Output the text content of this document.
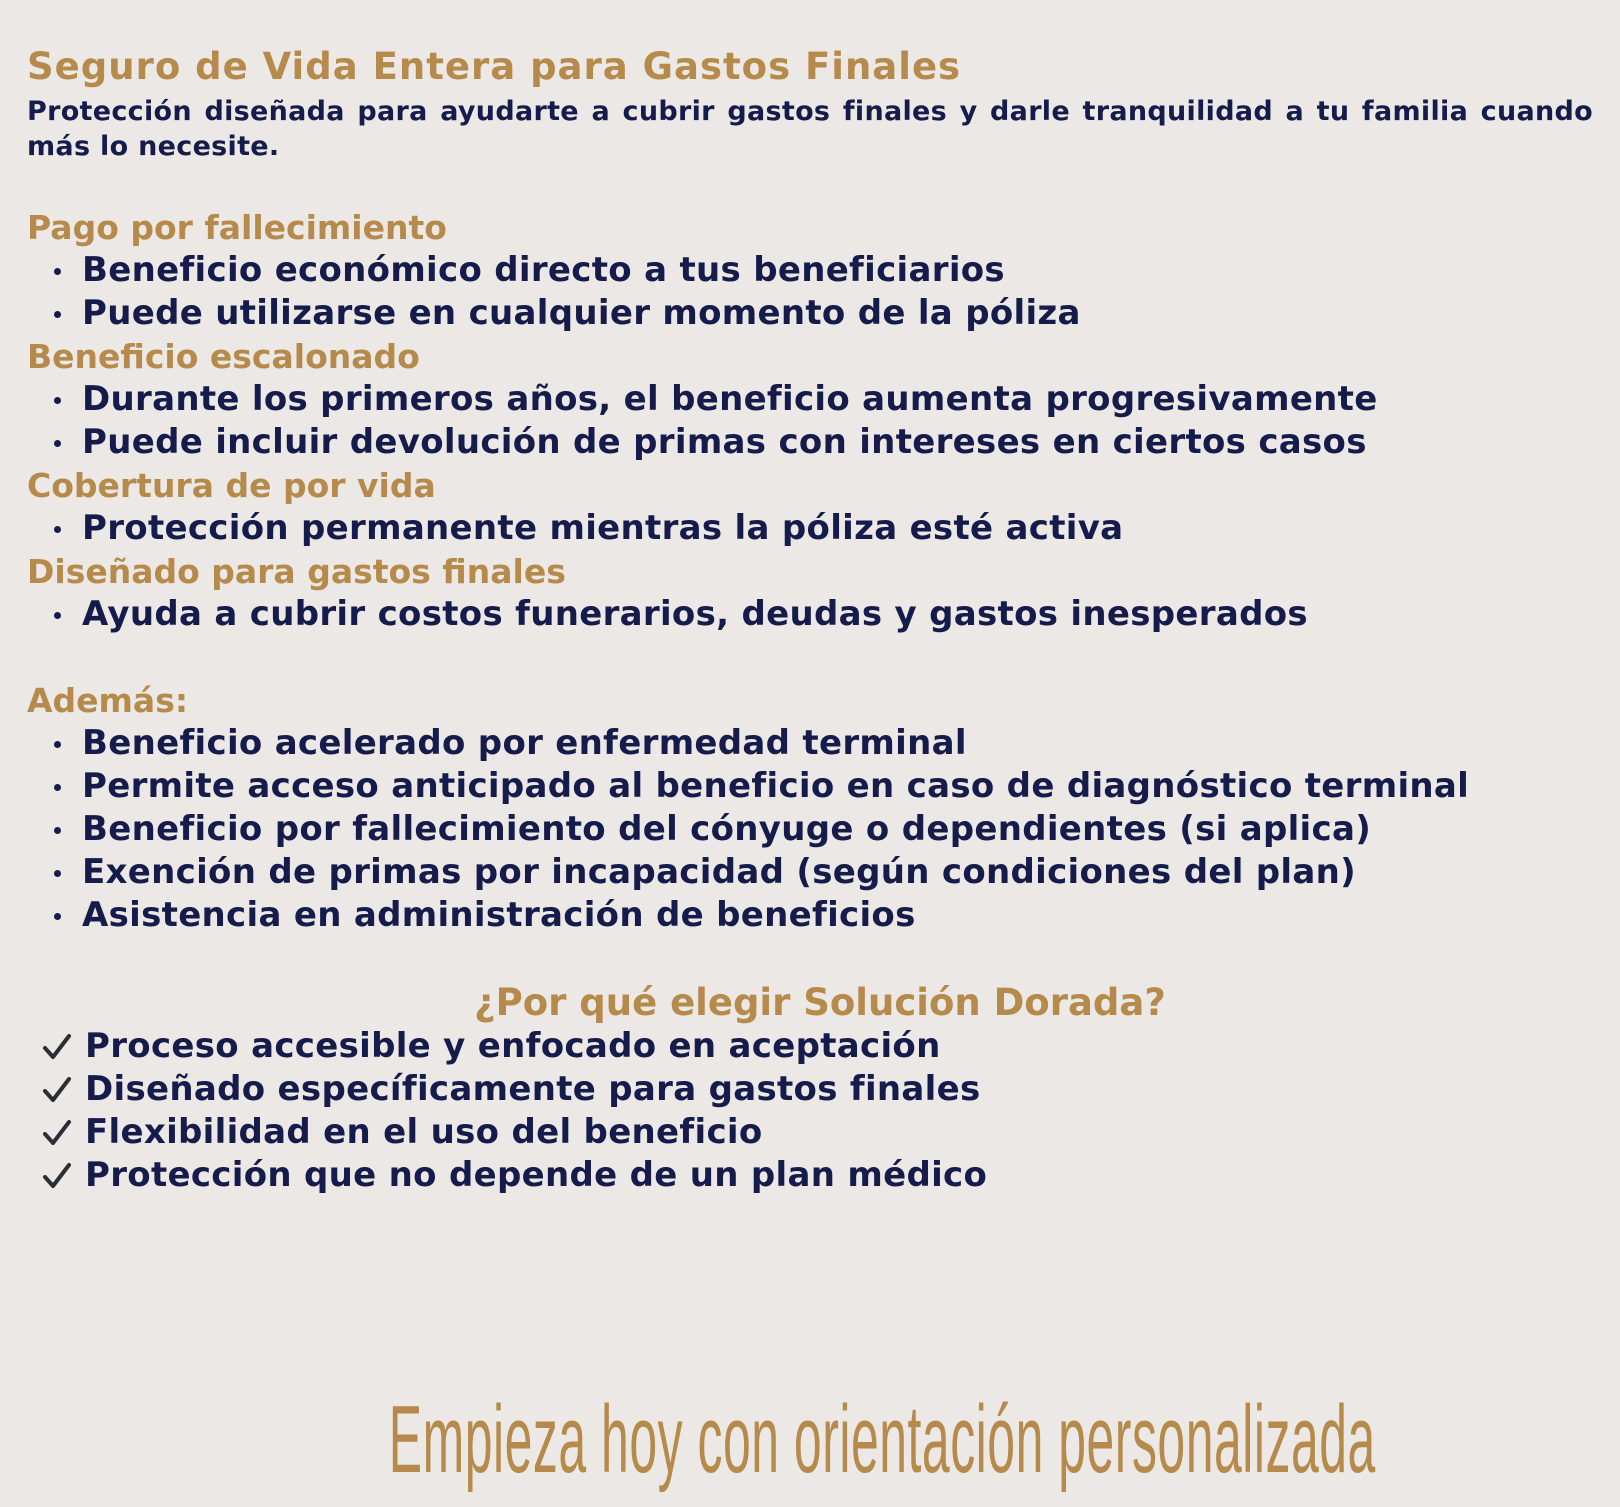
Seguro de Vida Entera para Gastos Finales

Protección diseñada para ayudarte a cubrir gastos finales y darle tranquilidad a tu familia cuando más lo necesite.

Pago por fallecimiento
Beneficio económico directo a tus beneficiarios
Puede utilizarse en cualquier momento de la póliza
Beneficio escalonado
Durante los primeros años, el beneficio aumenta progresivamente
Puede incluir devolución de primas con intereses en ciertos casos
Cobertura de por vida
Protección permanente mientras la póliza esté activa
Diseñado para gastos finales
Ayuda a cubrir costos funerarios, deudas y gastos inesperados
Además:
Beneficio acelerado por enfermedad terminal
Permite acceso anticipado al beneficio en caso de diagnóstico terminal
Beneficio por fallecimiento del cónyuge o dependientes (si aplica)
Exención de primas por incapacidad (según condiciones del plan)
Asistencia en administración de beneficios
¿Por qué elegir Solución Dorada?
Proceso accesible y enfocado en aceptación
Diseñado específicamente para gastos finales
Flexibilidad en el uso del beneficio
Protección que no depende de un plan médico
Empieza hoy con orientación personalizada
